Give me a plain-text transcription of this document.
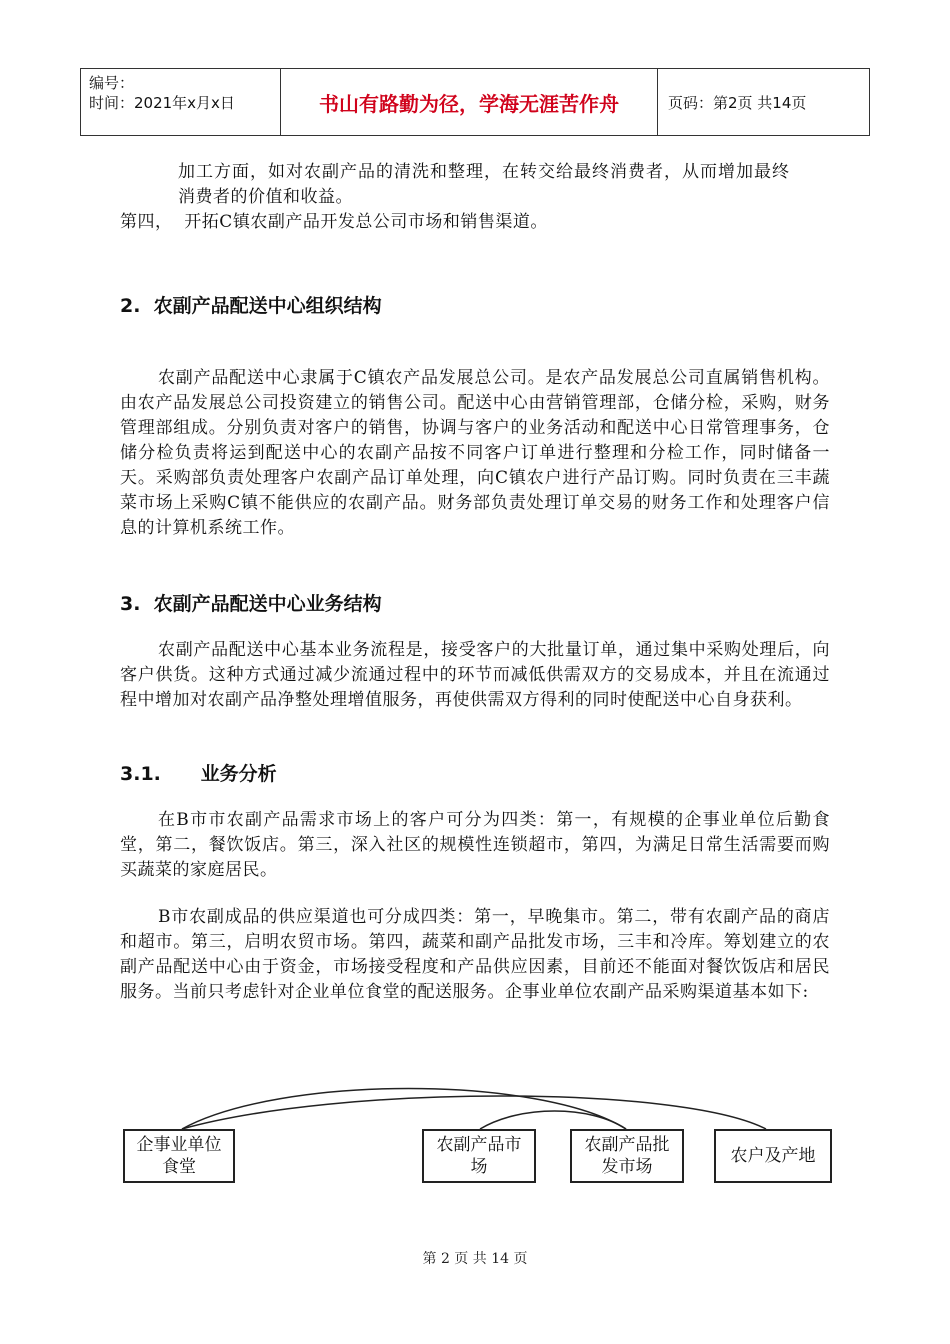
编号：
时间：2021年x月x日	书山有路勤为径，学海无涯苦作舟	页码：第2页 共14页

加工方面，如对农副产品的清洗和整理，在转交给最终消费者，从而增加最终

消费者的价值和收益。

第四，  开拓C镇农副产品开发总公司市场和销售渠道。

2.  农副产品配送中心组织结构

农副产品配送中心隶属于C镇农产品发展总公司。是农产品发展总公司直属销售机构。由农产品发展总公司投资建立的销售公司。配送中心由营销管理部，仓储分检，采购，财务管理部组成。分别负责对客户的销售，协调与客户的业务活动和配送中心日常管理事务，仓储分检负责将运到配送中心的农副产品按不同客户订单进行整理和分检工作，同时储备一天。采购部负责处理客户农副产品订单处理，向C镇农户进行产品订购。同时负责在三丰蔬菜市场上采购C镇不能供应的农副产品。财务部负责处理订单交易的财务工作和处理客户信息的计算机系统工作。

3.  农副产品配送中心业务结构

农副产品配送中心基本业务流程是，接受客户的大批量订单，通过集中采购处理后，向客户供货。这种方式通过减少流通过程中的环节而减低供需双方的交易成本，并且在流通过程中增加对农副产品净整处理增值服务，再使供需双方得利的同时使配送中心自身获利。

3.1.      业务分析

在B市市农副产品需求市场上的客户可分为四类：第一，有规模的企事业单位后勤食堂，第二，餐饮饭店。第三，深入社区的规模性连锁超市，第四，为满足日常生活需要而购买蔬菜的家庭居民。

B市农副成品的供应渠道也可分成四类：第一，早晚集市。第二，带有农副产品的商店和超市。第三，启明农贸市场。第四，蔬菜和副产品批发市场，三丰和冷库。筹划建立的农副产品配送中心由于资金，市场接受程度和产品供应因素，目前还不能面对餐饮饭店和居民服务。当前只考虑针对企业单位食堂的配送服务。企事业单位农副产品采购渠道基本如下:

企事业单位
食堂
农副产品市
场
农副产品批
发市场
农户及产地
第 2 页 共 14 页
